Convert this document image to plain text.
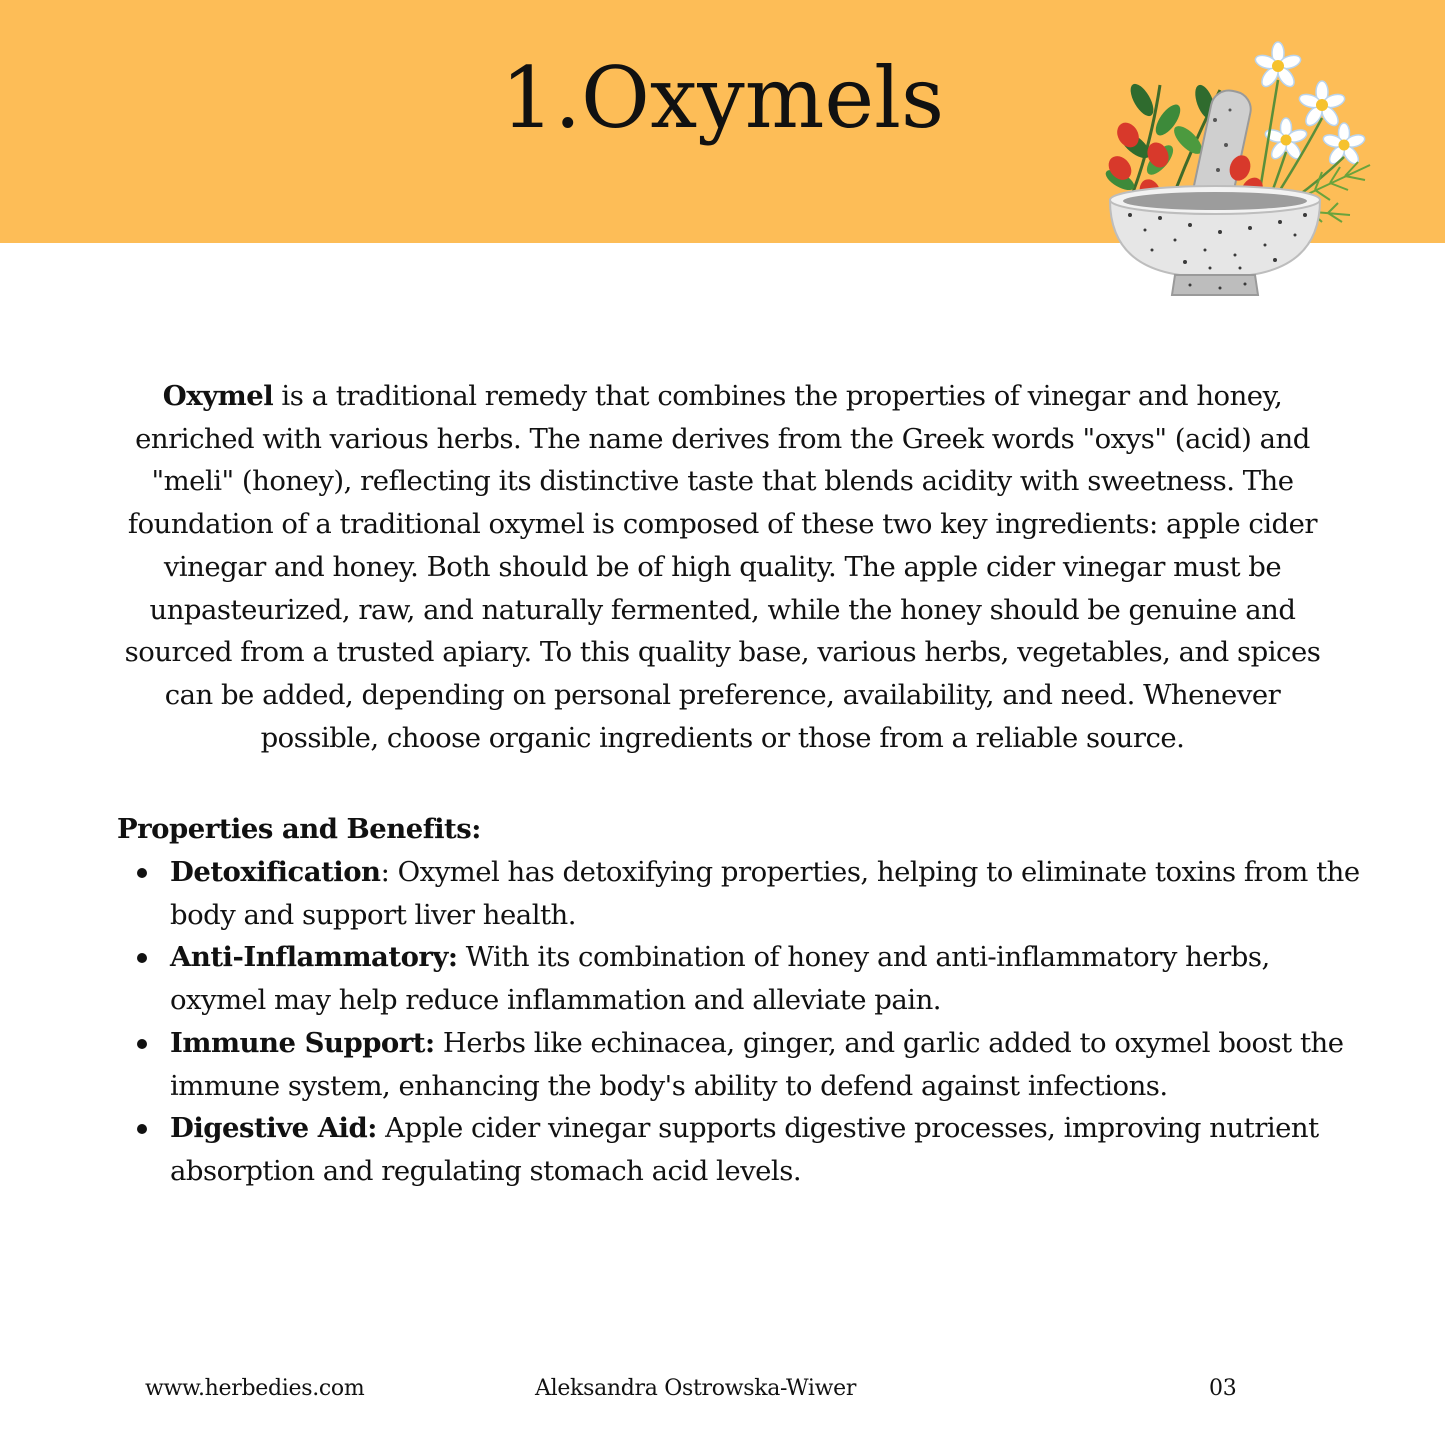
1.Oxymels

Oxymel is a traditional remedy that combines the properties of vinegar and honey, enriched with various herbs. The name derives from the Greek words "oxys" (acid) and "meli" (honey), reflecting its distinctive taste that blends acidity with sweetness. The foundation of a traditional oxymel is composed of these two key ingredients: apple cider vinegar and honey. Both should be of high quality. The apple cider vinegar must be unpasteurized, raw, and naturally fermented, while the honey should be genuine and sourced from a trusted apiary. To this quality base, various herbs, vegetables, and spices can be added, depending on personal preference, availability, and need. Whenever possible, choose organic ingredients or those from a reliable source.

Properties and Benefits:
Detoxification: Oxymel has detoxifying properties, helping to eliminate toxins from the body and support liver health.
Anti-Inflammatory: With its combination of honey and anti-inflammatory herbs, oxymel may help reduce inflammation and alleviate pain.
Immune Support: Herbs like echinacea, ginger, and garlic added to oxymel boost the immune system, enhancing the body's ability to defend against infections.
Digestive Aid: Apple cider vinegar supports digestive processes, improving nutrient absorption and regulating stomach acid levels.
www.herbedies.com	Aleksandra Ostrowska-Wiwer	03
